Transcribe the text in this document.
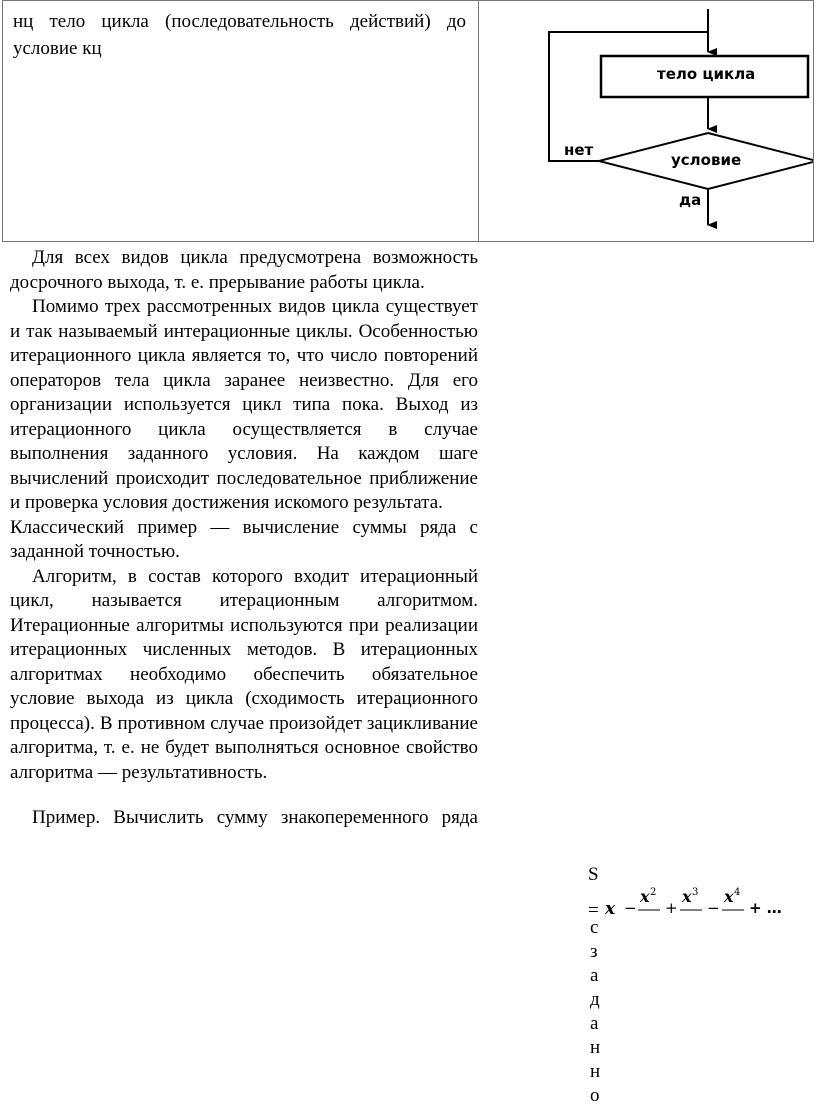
нц тело цикла (последовательность действий) до
условие кц
тело цикла
условие
нет
да

Для всех видов цикла предусмотрена возможность досрочного выхода, т. е. прерывание работы цикла.

Помимо трех рассмотренных видов цикла существует и так называемый интерационные циклы. Особенностью итерационного цикла является то, что число повторений операторов тела цикла заранее неизвестно. Для его организации используется цикл типа пока. Выход из итерационного цикла осуществляется в случае выполнения заданного условия. На каждом шаге вычислений происходит последовательное приближение и проверка условия достижения искомого результата.

Классический пример — вычисление суммы ряда с заданной точностью.

Алгоритм, в состав которого входит итерационный цикл, называется итерационным алгоритмом. Итерационные алгоритмы используются при реализации итерационных численных методов. В итерационных алгоритмах необходимо обеспечить обязательное условие выхода из цикла (сходимость итерационного процесса). В противном случае произойдет зацикливание алгоритма, т. е. не будет выполняться основное свойство алгоритма — результативность.

Пример. Вычислить сумму знакопеременного ряда

S
= x −
x 2
+
x 3
−
x 4
+ …
с
з
а
д
а
н
н
о
